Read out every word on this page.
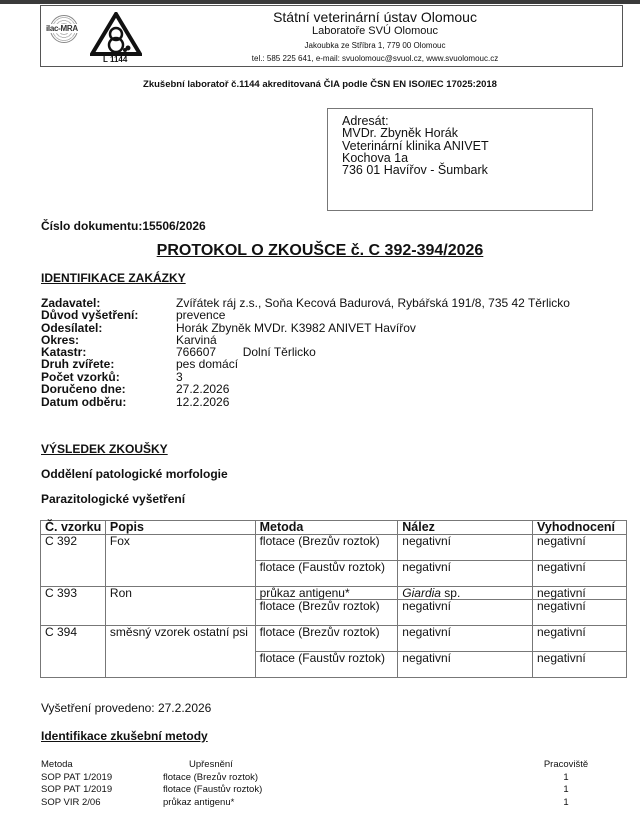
ilac-MRA
L 1144
Státní veterinární ústav Olomouc
Laboratoře SVÚ Olomouc
Jakoubka ze Stříbra 1, 779 00 Olomouc
tel.: 585 225 641, e-mail: svuolomouc@svuol.cz, www.svuolomouc.cz
Zkušební laboratoř č.1144 akreditovaná ČIA podle ČSN EN ISO/IEC 17025:2018
Adresát:
MVDr. Zbyněk Horák
Veterinární klinika ANIVET
Kochova 1a
736 01 Havířov - Šumbark
Číslo dokumentu:15506/2026
PROTOKOL O ZKOUŠCE č. C 392-394/2026
IDENTIFIKACE ZAKÁZKY
Zadavatel:	Zvířátek ráj z.s., Soňa Kecová Badurová, Rybářská 191/8, 735 42 Těrlicko
Důvod vyšetření:	prevence
Odesílatel:	Horák Zbyněk MVDr. K3982 ANIVET Havířov
Okres:	Karviná
Katastr:	766607        Dolní Těrlicko
Druh zvířete:	pes domácí
Počet vzorků:	3
Doručeno dne:	27.2.2026
Datum odběru:	12.2.2026
VÝSLEDEK ZKOUŠKY
Oddělení patologické morfologie
Parazitologické vyšetření
Č. vzorku	Popis	Metoda	Nález	Vyhodnocení
C 392	Fox	flotace (Brezův roztok)	negativní	negativní
		flotace (Faustův roztok)	negativní	negativní
C 393	Ron	průkaz antigenu*	Giardia sp.	negativní
		flotace (Brezův roztok)	negativní	negativní
C 394	směsný vzorek ostatní psi	flotace (Brezův roztok)	negativní	negativní
		flotace (Faustův roztok)	negativní	negativní
Vyšetření provedeno: 27.2.2026
Identifikace zkušební metody
Metoda	Upřesnění	Pracoviště
SOP PAT 1/2019	flotace (Brezův roztok)	1
SOP PAT 1/2019	flotace (Faustův roztok)	1
SOP VIR 2/06	průkaz antigenu*	1
